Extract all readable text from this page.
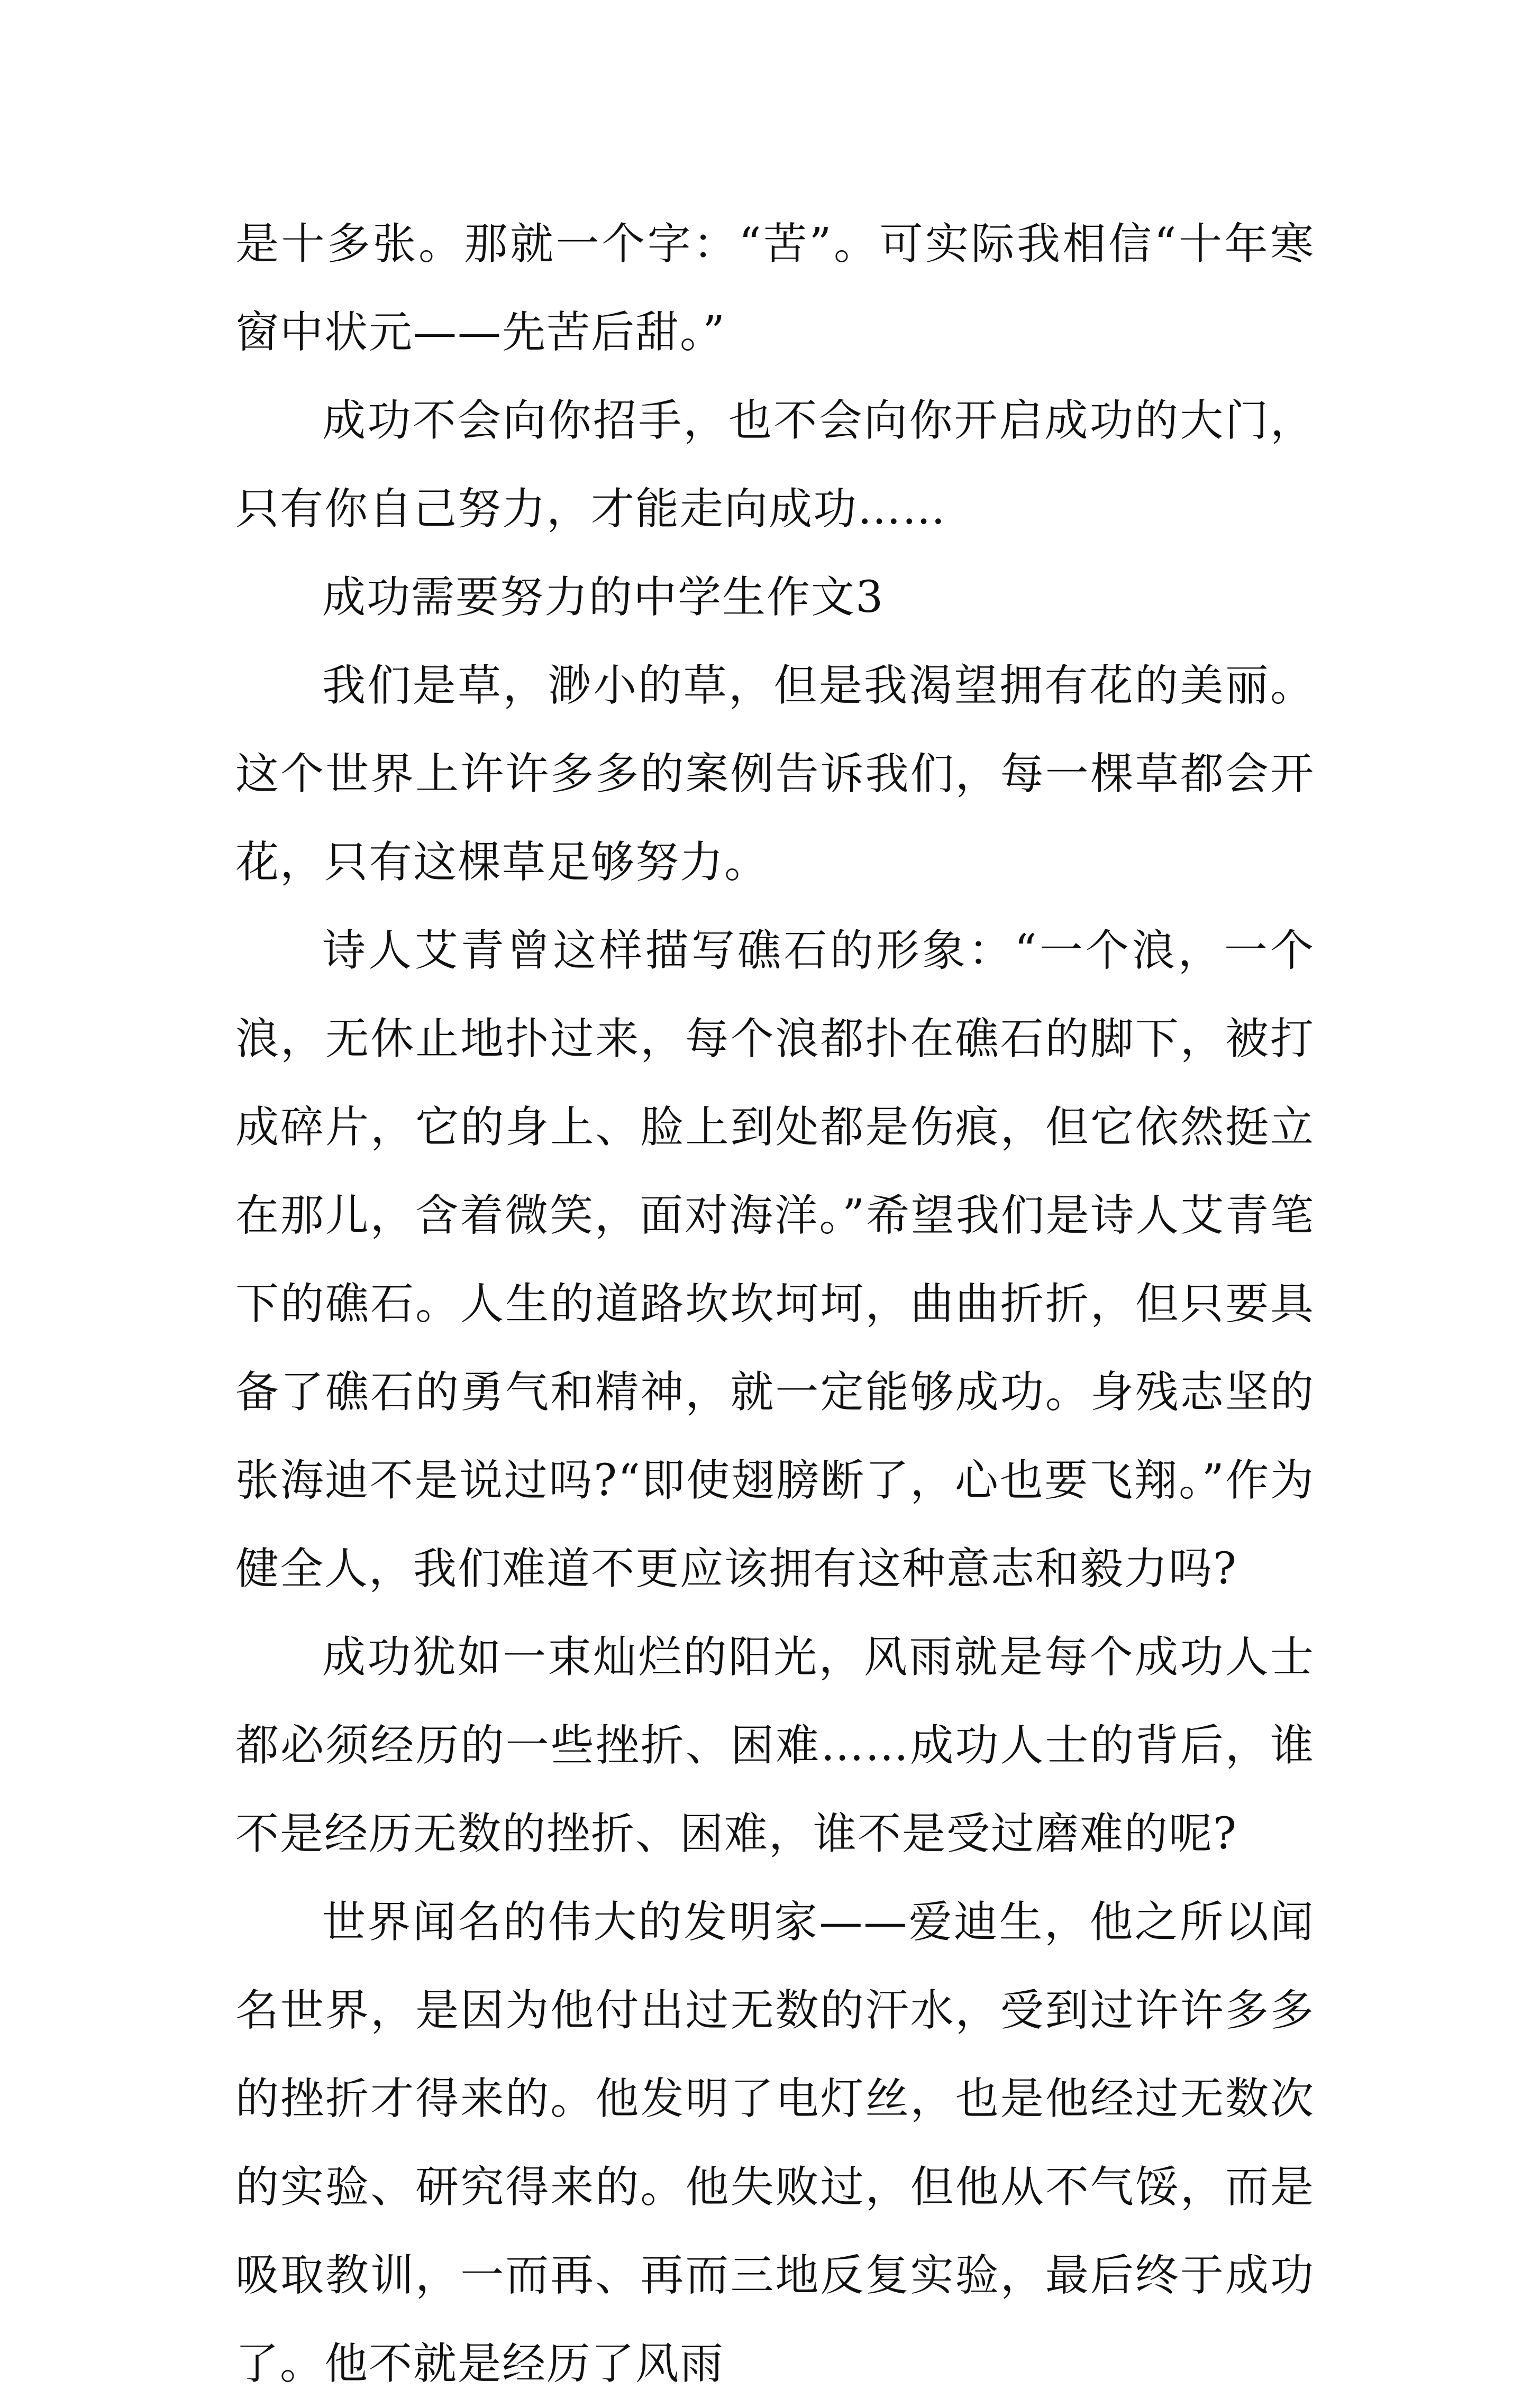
是十多张。那就一个字：“苦”。可实际我相信“十年寒窗中状元——先苦后甜。”

成功不会向你招手，也不会向你开启成功的大门，只有你自己努力，才能走向成功……

成功需要努力的中学生作文3

我们是草，渺小的草，但是我渴望拥有花的美丽。这个世界上许许多多的案例告诉我们，每一棵草都会开花，只有这棵草足够努力。

诗人艾青曾这样描写礁石的形象：“一个浪，一个浪，无休止地扑过来，每个浪都扑在礁石的脚下，被打成碎片，它的身上、脸上到处都是伤痕，但它依然挺立在那儿，含着微笑，面对海洋。”希望我们是诗人艾青笔下的礁石。人生的道路坎坎坷坷，曲曲折折，但只要具备了礁石的勇气和精神，就一定能够成功。身残志坚的张海迪不是说过吗?“即使翅膀断了，心也要飞翔。”作为健全人，我们难道不更应该拥有这种意志和毅力吗?

成功犹如一束灿烂的阳光，风雨就是每个成功人士都必须经历的一些挫折、困难……成功人士的背后，谁不是经历无数的挫折、困难，谁不是受过磨难的呢?

世界闻名的伟大的发明家——爱迪生，他之所以闻名世界，是因为他付出过无数的汗水，受到过许许多多的挫折才得来的。他发明了电灯丝，也是他经过无数次的实验、研究得来的。他失败过，但他从不气馁，而是吸取教训，一而再、再而三地反复实验，最后终于成功了。他不就是经历了风雨
